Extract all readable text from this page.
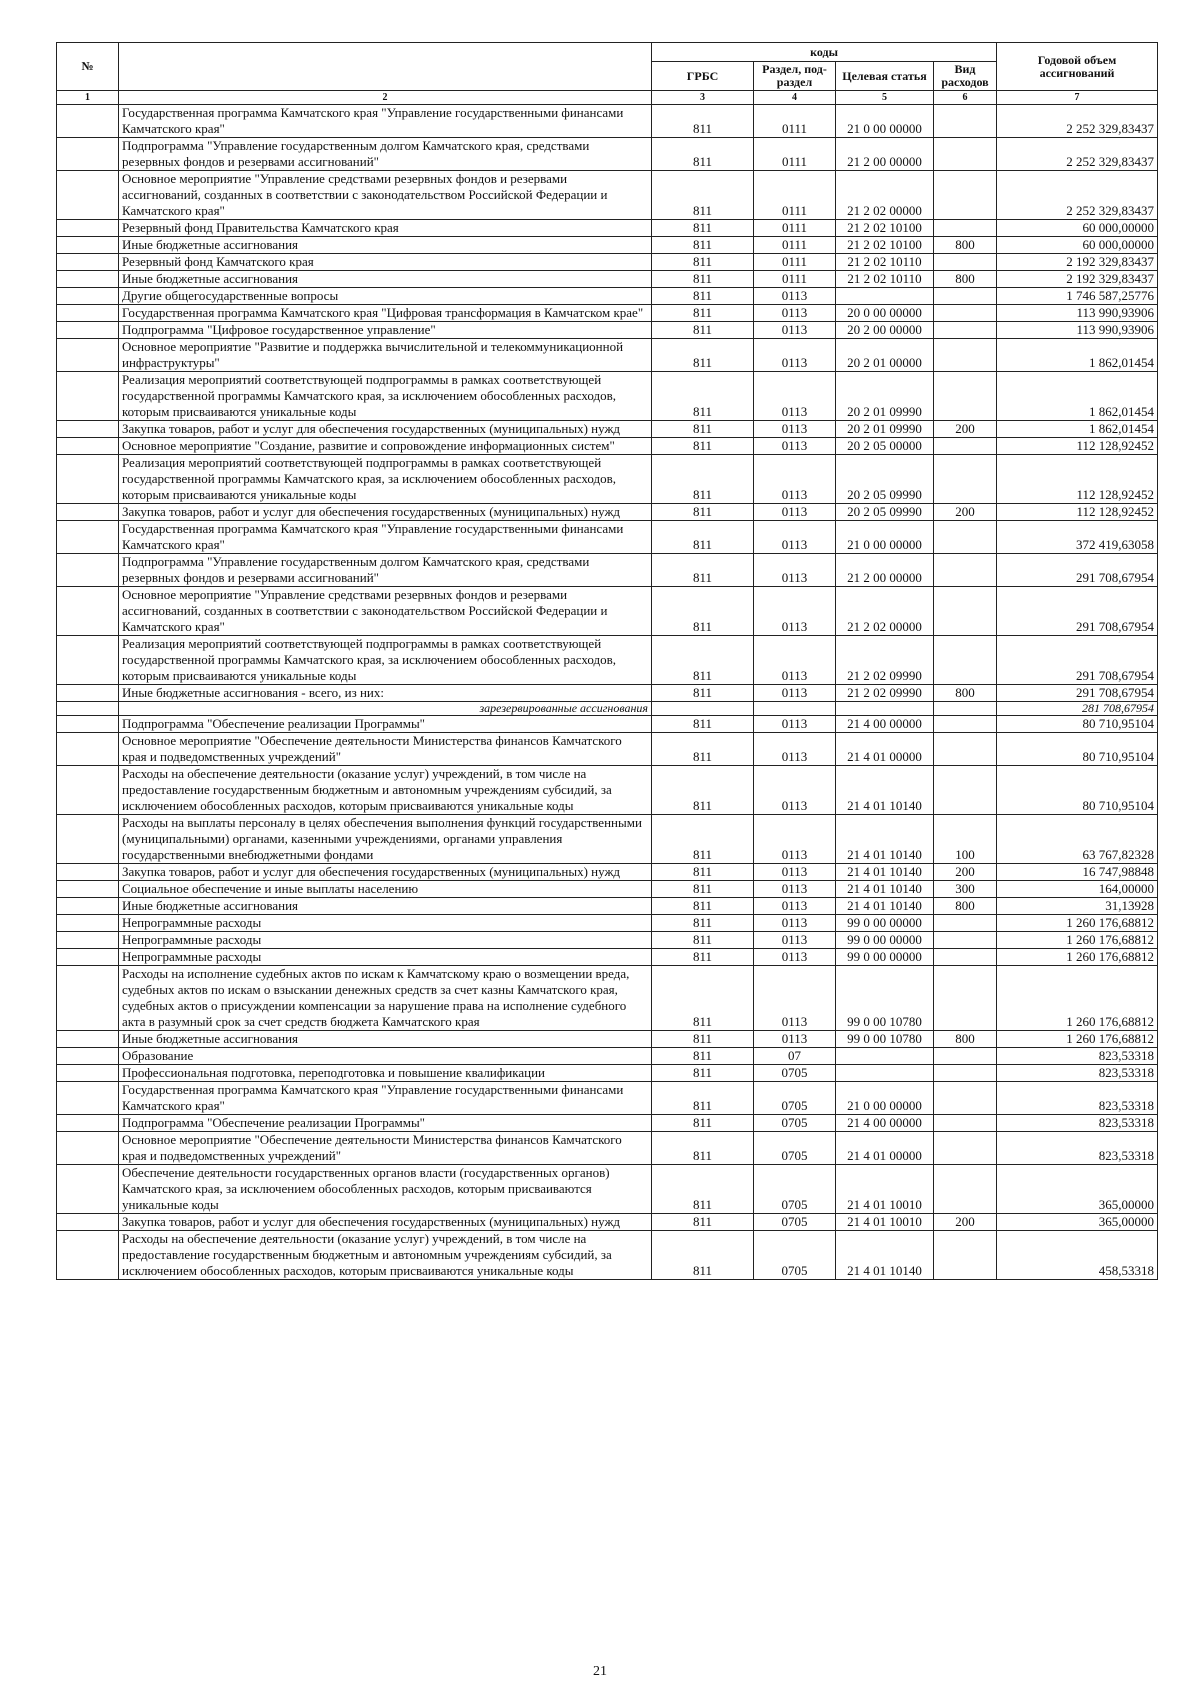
№		коды				Годовой объем ассигнований
		ГРБС	Раздел, под-раздел	Целевая статья	Вид расходов	
1	2	3	4	5	6	7
	Государственная программа Камчатского края "Управление государственными финансами Камчатского края"	811	0111	21 0 00 00000		2 252 329,83437
	Подпрограмма "Управление государственным долгом Камчатского края, средствами резервных фондов и резервами ассигнований"	811	0111	21 2 00 00000		2 252 329,83437
	Основное мероприятие "Управление средствами резервных фондов и резервами ассигнований, созданных в соответствии с законодательством Российской Федерации и Камчатского края"	811	0111	21 2 02 00000		2 252 329,83437
	Резервный фонд Правительства Камчатского края	811	0111	21 2 02 10100		60 000,00000
	Иные бюджетные ассигнования	811	0111	21 2 02 10100	800	60 000,00000
	Резервный фонд Камчатского края	811	0111	21 2 02 10110		2 192 329,83437
	Иные бюджетные ассигнования	811	0111	21 2 02 10110	800	2 192 329,83437
	Другие общегосударственные вопросы	811	0113			1 746 587,25776
	Государственная программа Камчатского края "Цифровая трансформация в Камчатском крае"	811	0113	20 0 00 00000		113 990,93906
	Подпрограмма "Цифровое государственное управление"	811	0113	20 2 00 00000		113 990,93906
	Основное мероприятие "Развитие и поддержка вычислительной и телекоммуникационной инфраструктуры"	811	0113	20 2 01 00000		1 862,01454
	Реализация мероприятий соответствующей подпрограммы в рамках соответствующей государственной программы Камчатского края, за исключением обособленных расходов, которым присваиваются уникальные коды	811	0113	20 2 01 09990		1 862,01454
	Закупка товаров, работ и услуг для обеспечения государственных (муниципальных) нужд	811	0113	20 2 01 09990	200	1 862,01454
	Основное мероприятие "Создание, развитие и сопровождение информационных систем"	811	0113	20 2 05 00000		112 128,92452
	Реализация мероприятий соответствующей подпрограммы в рамках соответствующей государственной программы Камчатского края, за исключением обособленных расходов, которым присваиваются уникальные коды	811	0113	20 2 05 09990		112 128,92452
	Закупка товаров, работ и услуг для обеспечения государственных (муниципальных) нужд	811	0113	20 2 05 09990	200	112 128,92452
	Государственная программа Камчатского края "Управление государственными финансами Камчатского края"	811	0113	21 0 00 00000		372 419,63058
	Подпрограмма "Управление государственным долгом Камчатского края, средствами резервных фондов и резервами ассигнований"	811	0113	21 2 00 00000		291 708,67954
	Основное мероприятие "Управление средствами резервных фондов и резервами ассигнований, созданных в соответствии с законодательством Российской Федерации и Камчатского края"	811	0113	21 2 02 00000		291 708,67954
	Реализация мероприятий соответствующей подпрограммы в рамках соответствующей государственной программы Камчатского края, за исключением обособленных расходов, которым присваиваются уникальные коды	811	0113	21 2 02 09990		291 708,67954
	Иные бюджетные ассигнования - всего, из них:	811	0113	21 2 02 09990	800	291 708,67954
	зарезервированные ассигнования					281 708,67954
	Подпрограмма "Обеспечение реализации Программы"	811	0113	21 4 00 00000		80 710,95104
	Основное мероприятие "Обеспечение деятельности Министерства финансов Камчатского края и подведомственных учреждений"	811	0113	21 4 01 00000		80 710,95104
	Расходы на обеспечение деятельности (оказание услуг) учреждений, в том числе на предоставление государственным бюджетным и автономным учреждениям субсидий, за исключением обособленных расходов, которым присваиваются уникальные коды	811	0113	21 4 01 10140		80 710,95104
	Расходы на выплаты персоналу в целях обеспечения выполнения функций государственными (муниципальными) органами, казенными учреждениями, органами управления государственными внебюджетными фондами	811	0113	21 4 01 10140	100	63 767,82328
	Закупка товаров, работ и услуг для обеспечения государственных (муниципальных) нужд	811	0113	21 4 01 10140	200	16 747,98848
	Социальное обеспечение и иные выплаты населению	811	0113	21 4 01 10140	300	164,00000
	Иные бюджетные ассигнования	811	0113	21 4 01 10140	800	31,13928
	Непрограммные расходы	811	0113	99 0 00 00000		1 260 176,68812
	Непрограммные расходы	811	0113	99 0 00 00000		1 260 176,68812
	Непрограммные расходы	811	0113	99 0 00 00000		1 260 176,68812
	Расходы на исполнение судебных актов по искам к Камчатскому краю о возмещении вреда, судебных актов по искам о взыскании денежных средств за счет казны Камчатского края, судебных актов о присуждении компенсации за нарушение права на исполнение судебного акта в разумный срок за счет средств бюджета Камчатского края	811	0113	99 0 00 10780		1 260 176,68812
	Иные бюджетные ассигнования	811	0113	99 0 00 10780	800	1 260 176,68812
	Образование	811	07			823,53318
	Профессиональная подготовка, переподготовка и повышение квалификации	811	0705			823,53318
	Государственная программа Камчатского края "Управление государственными финансами Камчатского края"	811	0705	21 0 00 00000		823,53318
	Подпрограмма "Обеспечение реализации Программы"	811	0705	21 4 00 00000		823,53318
	Основное мероприятие "Обеспечение деятельности Министерства финансов Камчатского края и подведомственных учреждений"	811	0705	21 4 01 00000		823,53318
	Обеспечение деятельности государственных органов власти (государственных органов) Камчатского края, за исключением обособленных расходов, которым присваиваются уникальные коды	811	0705	21 4 01 10010		365,00000
	Закупка товаров, работ и услуг для обеспечения государственных (муниципальных) нужд	811	0705	21 4 01 10010	200	365,00000
	Расходы на обеспечение деятельности (оказание услуг) учреждений, в том числе на предоставление государственным бюджетным и автономным учреждениям субсидий, за исключением обособленных расходов, которым присваиваются уникальные коды	811	0705	21 4 01 10140		458,53318
21
